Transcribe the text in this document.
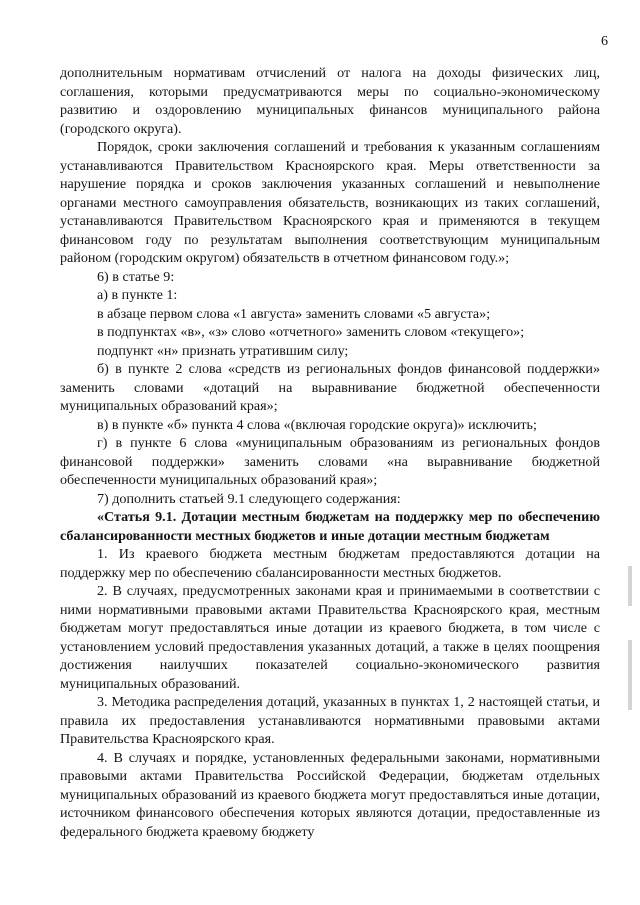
6

дополнительным нормативам отчислений от налога на доходы физических лиц, соглашения, которыми предусматриваются меры по социально-экономическому развитию и оздоровлению муниципальных финансов муниципального района (городского округа).

Порядок, сроки заключения соглашений и требования к указанным соглашениям устанавливаются Правительством Красноярского края. Меры ответственности за нарушение порядка и сроков заключения указанных соглашений и невыполнение органами местного самоуправления обязательств, возникающих из таких соглашений, устанавливаются Правительством Красноярского края и применяются в текущем финансовом году по результатам выполнения соответствующим муниципальным районом (городским округом) обязательств в отчетном финансовом году.»;

6) в статье 9:

а) в пункте 1:

в абзаце первом слова «1 августа» заменить словами «5 августа»;

в подпунктах «в», «з» слово «отчетного» заменить словом «текущего»;

подпункт «н» признать утратившим силу;

б) в пункте 2 слова «средств из региональных фондов финансовой поддержки» заменить словами «дотаций на выравнивание бюджетной обеспеченности муниципальных образований края»;

в) в пункте «б» пункта 4 слова «(включая городские округа)» исключить;

г) в пункте 6 слова «муниципальным образованиям из региональных фондов финансовой поддержки» заменить словами «на выравнивание бюджетной обеспеченности муниципальных образований края»;

7) дополнить статьей 9.1 следующего содержания:

«Статья 9.1. Дотации местным бюджетам на поддержку мер по обеспечению сбалансированности местных бюджетов и иные дотации местным бюджетам

1. Из краевого бюджета местным бюджетам предоставляются дотации на поддержку мер по обеспечению сбалансированности местных бюджетов.

2. В случаях, предусмотренных законами края и принимаемыми в соответствии с ними нормативными правовыми актами Правительства Красноярского края, местным бюджетам могут предоставляться иные дотации из краевого бюджета, в том числе с установлением условий предоставления указанных дотаций, а также в целях поощрения достижения наилучших показателей социально-экономического развития муниципальных образований.

3. Методика распределения дотаций, указанных в пунктах 1, 2 настоящей статьи, и правила их предоставления устанавливаются нормативными правовыми актами Правительства Красноярского края.

4. В случаях и порядке, установленных федеральными законами, нормативными правовыми актами Правительства Российской Федерации, бюджетам отдельных муниципальных образований из краевого бюджета могут предоставляться иные дотации, источником финансового обеспечения которых являются дотации, предоставленные из федерального бюджета краевому бюджету
